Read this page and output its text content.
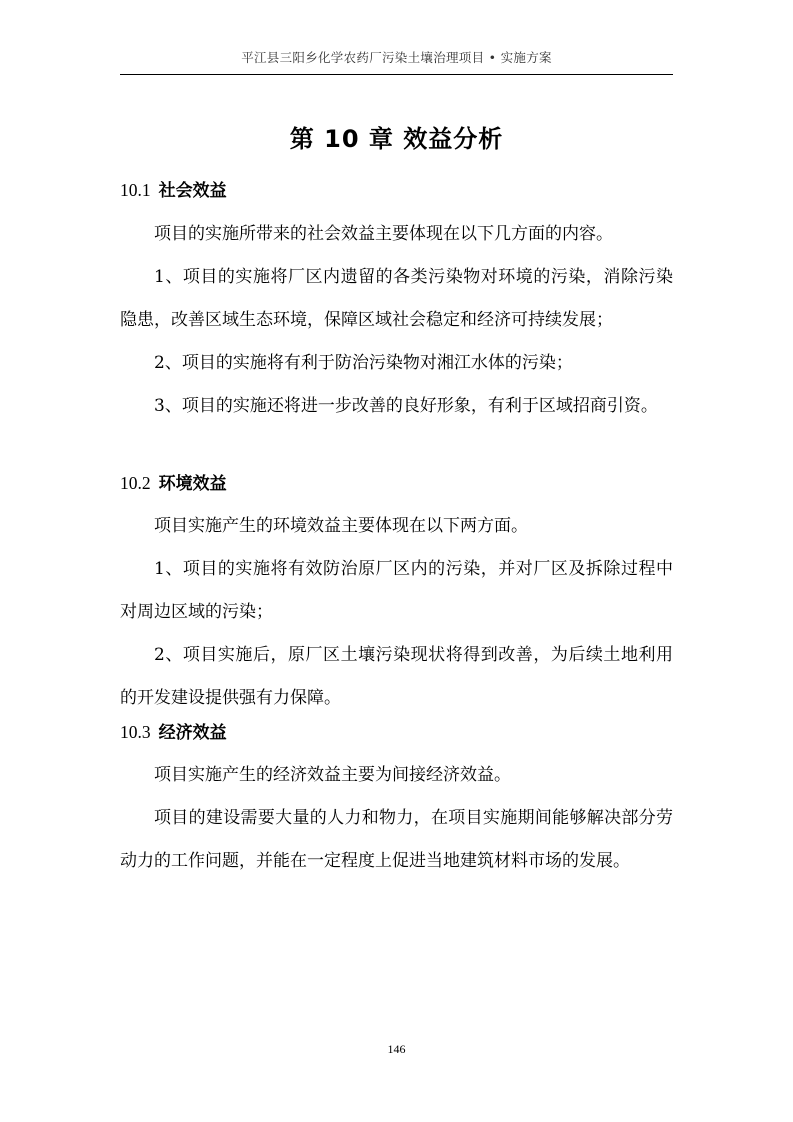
平江县三阳乡化学农药厂污染土壤治理项目 • 实施方案
第 10 章 效益分析
10.1 社会效益
项目的实施所带来的社会效益主要体现在以下几方面的内容。
1、项目的实施将厂区内遗留的各类污染物对环境的污染，消除污染隐患，改善区域生态环境，保障区域社会稳定和经济可持续发展；
2、项目的实施将有利于防治污染物对湘江水体的污染；
3、项目的实施还将进一步改善的良好形象，有利于区域招商引资。
10.2 环境效益
项目实施产生的环境效益主要体现在以下两方面。
1、项目的实施将有效防治原厂区内的污染，并对厂区及拆除过程中对周边区域的污染；
2、项目实施后，原厂区土壤污染现状将得到改善，为后续土地利用的开发建设提供强有力保障。
10.3 经济效益
项目实施产生的经济效益主要为间接经济效益。
项目的建设需要大量的人力和物力，在项目实施期间能够解决部分劳动力的工作问题，并能在一定程度上促进当地建筑材料市场的发展。
146
